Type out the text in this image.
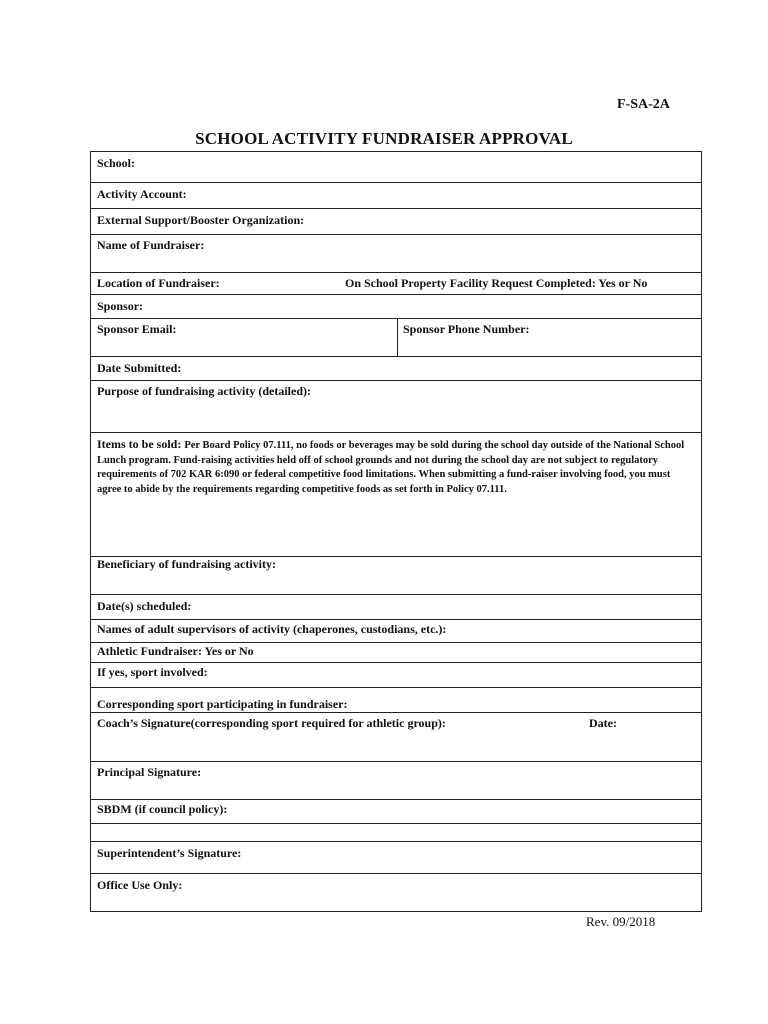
F-SA-2A
SCHOOL ACTIVITY FUNDRAISER APPROVAL
School:
Activity Account:
External Support/Booster Organization:
Name of Fundraiser:
Location of Fundraiser:	On School Property Facility Request Completed: Yes or No
Sponsor:
Sponsor Email:	Sponsor Phone Number:
Date Submitted:
Purpose of fundraising activity (detailed):
Items to be sold: Per Board Policy 07.111, no foods or beverages may be sold during the school day outside of the National School Lunch program. Fund-raising activities held off of school grounds and not during the school day are not subject to regulatory requirements of 702 KAR 6:090 or federal competitive food limitations. When submitting a fund-raiser involving food, you must agree to abide by the requirements regarding competitive foods as set forth in Policy 07.111.
Beneficiary of fundraising activity:
Date(s) scheduled:
Names of adult supervisors of activity (chaperones, custodians, etc.):
Athletic Fundraiser: Yes or No
If yes, sport involved:
Corresponding sport participating in fundraiser:
Coach’s Signature(corresponding sport required for athletic group):	Date:
Principal Signature:
SBDM (if council policy):
Superintendent’s Signature:
Office Use Only:
Rev. 09/2018
